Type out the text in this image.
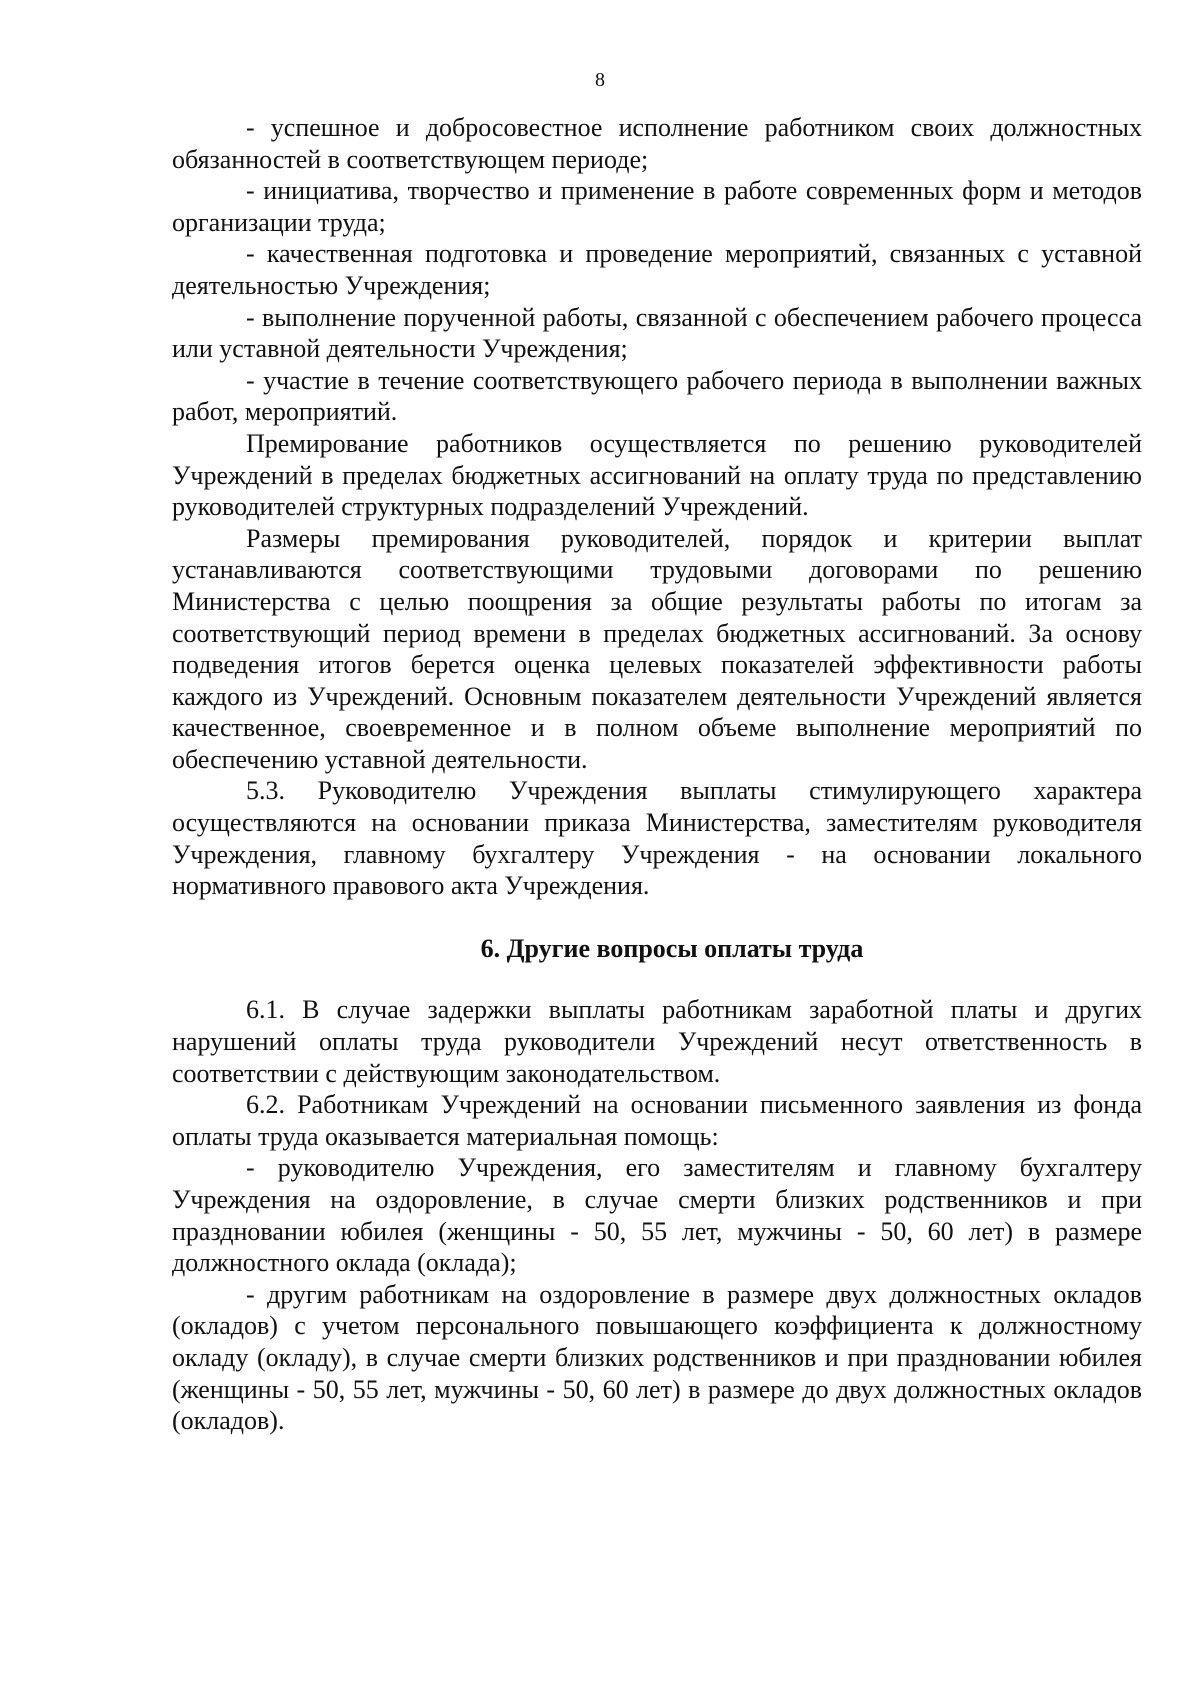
8

- успешное и добросовестное исполнение работником своих должностных обязанностей в соответствующем периоде;

- инициатива, творчество и применение в работе современных форм и методов организации труда;

- качественная подготовка и проведение мероприятий, связанных с уставной деятельностью Учреждения;

- выполнение порученной работы, связанной с обеспечением рабочего процесса или уставной деятельности Учреждения;

- участие в течение соответствующего рабочего периода в выполнении важных работ, мероприятий.

Премирование работников осуществляется по решению руководителей Учреждений в пределах бюджетных ассигнований на оплату труда по представлению руководителей структурных подразделений Учреждений.

Размеры премирования руководителей, порядок и критерии выплат устанавливаются соответствующими трудовыми договорами по решению Министерства с целью поощрения за общие результаты работы по итогам за соответствующий период времени в пределах бюджетных ассигнований. За основу подведения итогов берется оценка целевых показателей эффективности работы каждого из Учреждений. Основным показателем деятельности Учреждений является качественное, своевременное и в полном объеме выполнение мероприятий по обеспечению уставной деятельности.

5.3. Руководителю Учреждения выплаты стимулирующего характера осуществляются на основании приказа Министерства, заместителям руководителя Учреждения, главному бухгалтеру Учреждения - на основании локального нормативного правового акта Учреждения.

6. Другие вопросы оплаты труда

6.1. В случае задержки выплаты работникам заработной платы и других нарушений оплаты труда руководители Учреждений несут ответственность в соответствии с действующим законодательством.

6.2. Работникам Учреждений на основании письменного заявления из фонда оплаты труда оказывается материальная помощь:

- руководителю Учреждения, его заместителям и главному бухгалтеру Учреждения на оздоровление, в случае смерти близких родственников и при праздновании юбилея (женщины - 50, 55 лет, мужчины - 50, 60 лет) в размере должностного оклада (оклада);

- другим работникам на оздоровление в размере двух должностных окладов (окладов) с учетом персонального повышающего коэффициента к должностному окладу (окладу), в случае смерти близких родственников и при праздновании юбилея (женщины - 50, 55 лет, мужчины - 50, 60 лет) в размере до двух должностных окладов (окладов).
